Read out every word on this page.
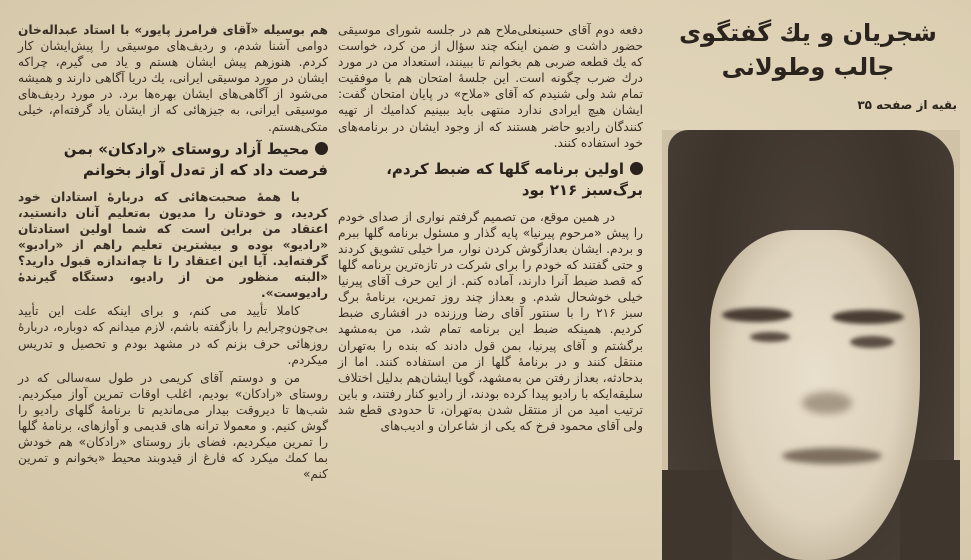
هم بوسیله «آقای فرامرز پایور» با استاد عبداله‌خان دوامی آشنا شدم، و ردیف‌های موسیقی را پیش‌ایشان کار کردم. هنوزهم پیش ایشان هستم و یاد می گیرم، چراکه ایشان در مورد موسیقی ایرانی، یك دریا آگاهی دارند و همیشه می‌شود از آگاهی‌های ایشان بهره‌ها برد. در مورد ردیف‌های موسیقی ایرانی، به جیزهائی که از ایشان یاد گرفته‌ام، خیلی متکی‌هستم.

محیط آزاد روستای «رادکان» بمن فرصت داد که از ته‌دل آواز بخوانم

با همهٔ صحبت‌هائی که دربارهٔ استادان خود کردید، و خودتان را مدیون به‌تعلیم آنان دانستید، اعتقاد من براین است که شما اولین استادتان «رادیو» بوده و بیشترین تعلیم راهم از «رادیو» گرفته‌اید. آیا این اعتقاد را تا چه‌اندازه قبول دارید؟ «البته منظور من از رادیو، دستگاه گیرندهٔ رادیوست».

کاملا تأیید می کنم، و برای اینکه علت این تأیید بی‌چون‌وچرایم را بازگفته باشم، لازم میدانم که دوباره، دربارهٔ روزهائی حرف بزنم که در مشهد بودم و تحصیل و تدریس میکردم.

من و دوستم آقای کریمی در طول سه‌سالی که در روستای «رادکان» بودیم، اغلب اوقات تمرین آواز میکردیم. شب‌ها تا دیروقت بیدار می‌ماندیم تا برنامهٔ گلهای رادیو را گوش کنیم. و معمولا ترانه‌ های قدیمی و آوازهای، برنامهٔ گلها را تمرین میکردیم، فضای باز روستای «رادکان» هم خودش بما کمك میکرد که فارغ از قیدوبند محیط «بخوانم و تمرین کنم»

دفعه دوم آقای حسینعلی‌ملاح هم در جلسه شورای موسیقی حضور داشت و ضمن اینکه چند سؤال از من کرد، خواست که یك قطعه ضربی هم بخوانم تا ببینند، استعداد من در مورد درك ضرب چگونه است. این جلسهٔ امتحان هم با موفقیت تمام شد ولی شنیدم که آقای «ملاح» در پایان امتحان گفت: ایشان هیچ ایرادی ندارد منتهی باید ببینیم کدامیك از تهیه کنندگان رادیو حاضر هستند که از وجود ایشان در برنامه‌های خود استفاده کنند.

اولین برنامه گلها که ضبط کردم، برگ‌سبز ۲۱۶ بود

در همین موقع، من تصمیم گرفتم نواری از صدای خودم را پیش «مرحوم پیرنیا» پایه گذار و مسئول برنامه گلها ببرم و بردم. ایشان بعدازگوش کردن نوار، مرا خیلی تشویق کردند و حتی گفتند که خودم را برای شرکت در تازه‌ترین برنامه گلها که قصد ضبط آنرا دارند، آماده کنم. از این حرف آقای پیرنیا خیلی خوشحال شدم. و بعداز چند روز تمرین، برنامهٔ برگ سبز ۲۱۶ را با سنتور آقای رضا ورزنده در افشاری ضبط کردیم. همینکه ضبط این برنامه تمام شد، من به‌مشهد برگشتم و آقای پیرنیا، بمن قول دادند که بنده را به‌تهران منتقل کنند و در برنامهٔ گلها از من استفاده کنند. اما از بدحادثه، بعداز رفتن من به‌مشهد، گویا ایشان‌هم بدلیل اختلاف سلیقه‌ایکه با رادیو پیدا کرده بودند، از رادیو کنار رفتند، و باین ترتیب امید من از منتقل شدن به‌تهران، تا حدودی قطع شد ولی آقای محمود فرخ که یکی از شاعران و ادیب‌های

شجریان و یك گفتگوی
جالب وطولانی
بقیه از صفحه ۳۵
